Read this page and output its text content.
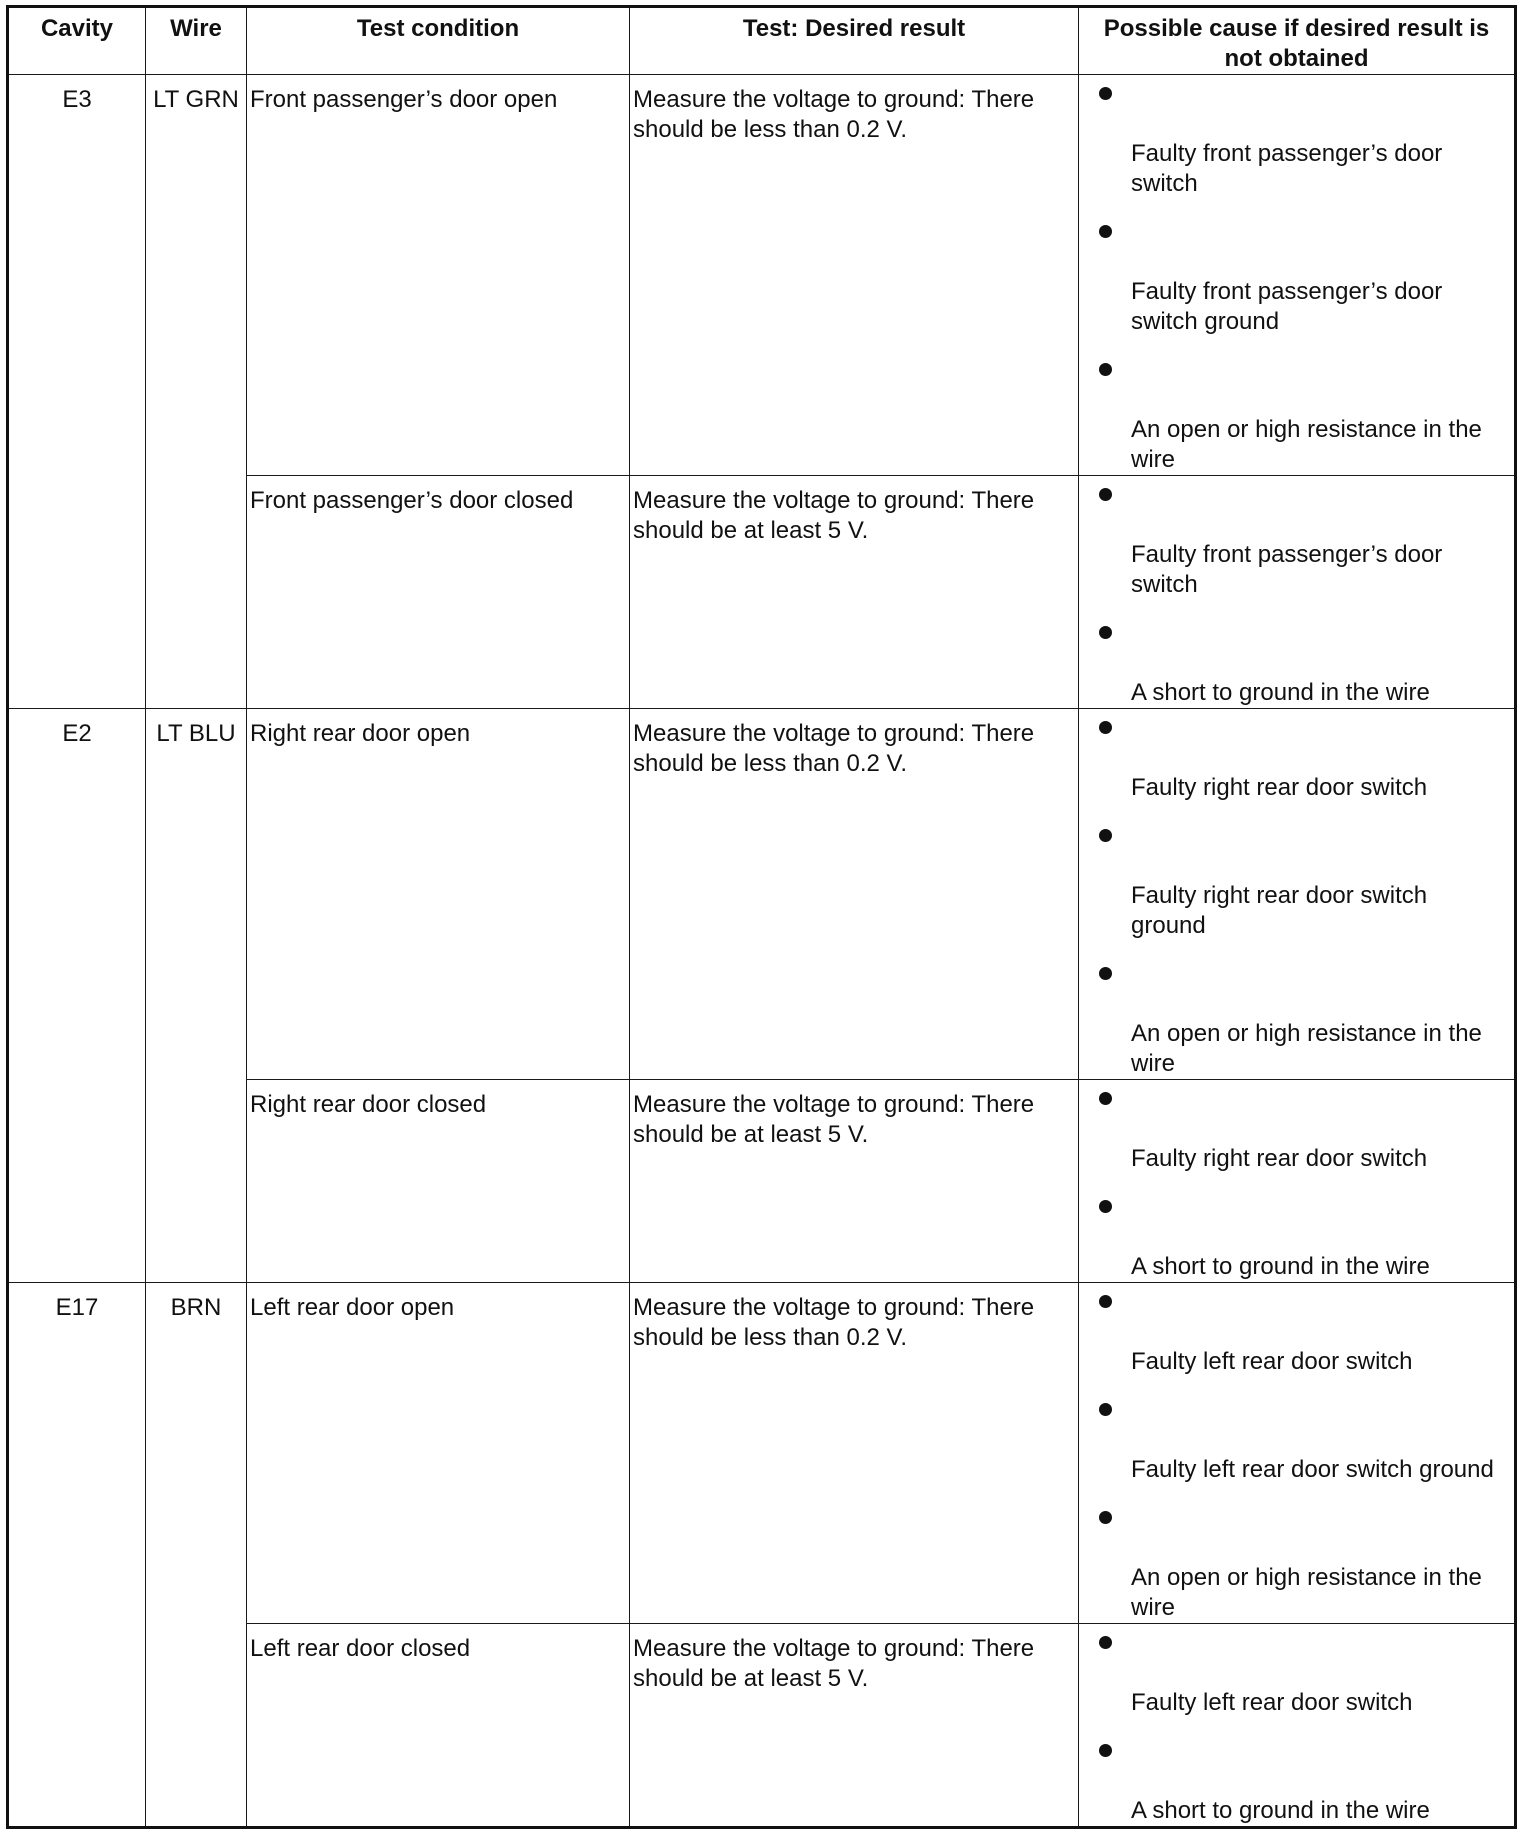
Cavity	Wire	Test condition	Test: Desired result	Possible cause if desired result is not obtained
E3	LT GRN	Front passenger’s door open	Measure the voltage to ground: There should be less than 0.2 V.	Faulty front passenger’s door switch
Faulty front passenger’s door switch ground
An open or high resistance in the wire

		Front passenger’s door closed	Measure the voltage to ground: There should be at least 5 V.	Faulty front passenger’s door switch
A short to ground in the wire

E2	LT BLU	Right rear door open	Measure the voltage to ground: There should be less than 0.2 V.	Faulty right rear door switch
Faulty right rear door switch ground
An open or high resistance in the wire

		Right rear door closed	Measure the voltage to ground: There should be at least 5 V.	Faulty right rear door switch
A short to ground in the wire

E17	BRN	Left rear door open	Measure the voltage to ground: There should be less than 0.2 V.	Faulty left rear door switch
Faulty left rear door switch ground
An open or high resistance in the wire

		Left rear door closed	Measure the voltage to ground: There should be at least 5 V.	Faulty left rear door switch
A short to ground in the wire
